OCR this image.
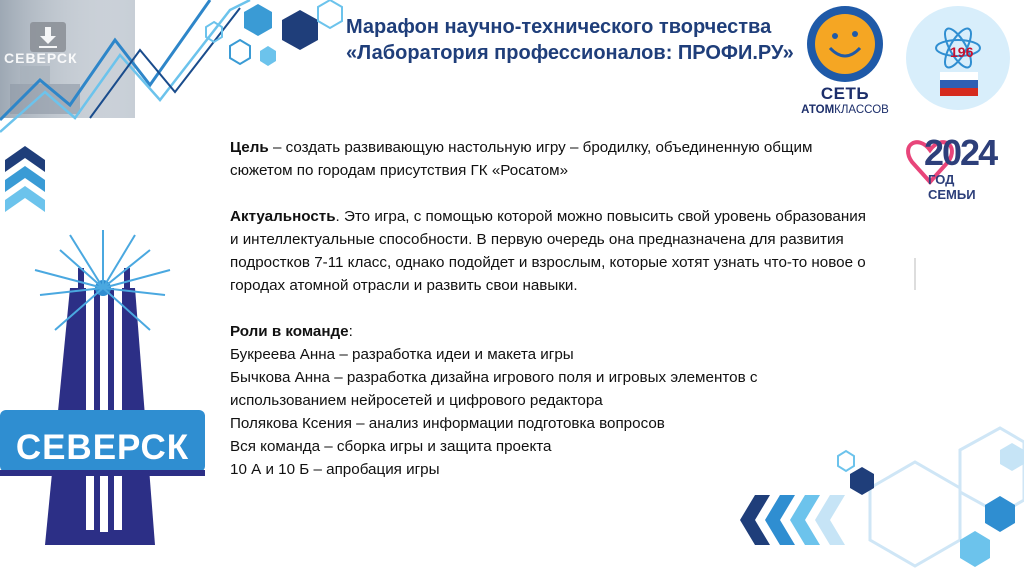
СЕВЕРСК
Марафон научно-технического творчества
«Лаборатория профессионалов: ПРОФИ.РУ»
СЕТЬ
АТОМКЛАССОВ
196
2024
ГОД СЕМЬИ
СЕВЕРСК

Цель – создать развивающую настольную игру – бродилку, объединенную общим сюжетом по городам присутствия ГК «Росатом»

Актуальность. Это игра, с помощью которой можно повысить свой уровень образования и интеллектуальные способности. В первую очередь она предназначена для развития подростков 7-11 класс, однако подойдет и взрослым, которые хотят узнать что-то новое о городах атомной отрасли и развить свои навыки.

Роли в команде:

Букреева Анна – разработка идеи и макета игры

Бычкова Анна – разработка дизайна игрового поля и игровых элементов с использованием нейросетей и цифрового редактора

Полякова Ксения – анализ информации подготовка вопросов

Вся команда – сборка игры и защита проекта

10 А и 10 Б – апробация игры
